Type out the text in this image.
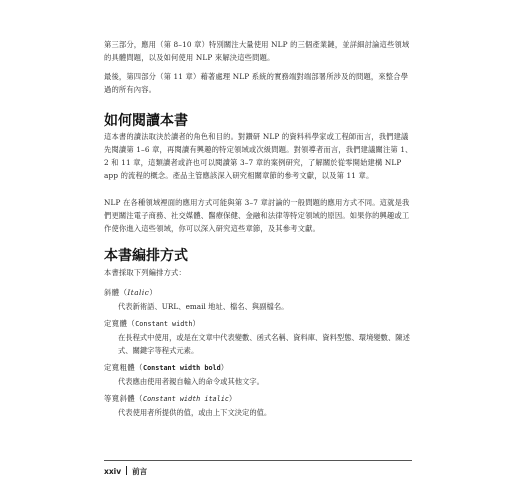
第三部分，應用（第 8–10 章）特別關注大量使用 NLP 的三個產業鏈，並詳細討論這些領域的具體問題，以及如何使用 NLP 來解決這些問題。

最後，第四部分（第 11 章）藉著處理 NLP 系統的實務端對端部署所涉及的問題，來整合學過的所有內容。

如何閱讀本書

這本書的讀法取決於讀者的角色和目的。對鑽研 NLP 的資料科學家或工程師而言，我們建議先閱讀第 1–6 章，再閱讀有興趣的特定領域或次級問題。對領導者而言，我們建議關注第 1、2 和 11 章，這類讀者或許也可以閱讀第 3–7 章的案例研究，了解關於從零開始建構 NLP app 的流程的概念。產品主管應該深入研究相關章節的參考文獻，以及第 11 章。

NLP 在各種領域裡面的應用方式可能與第 3–7 章討論的一般問題的應用方式不同。這就是我們更關注電子商務、社交媒體、醫療保健、金融和法律等特定領域的原因。如果你的興趣或工作使你進入這些領域，你可以深入研究這些章節，及其參考文獻。

本書編排方式

本書採取下列編排方式：

斜體（Italic）

代表新術語、URL、email 地址、檔名、與副檔名。

定寬體（Constant width）

在長程式中使用，或是在文章中代表變數、函式名稱、資料庫、資料型態、環境變數、陳述式、關鍵字等程式元素。

定寬粗體（Constant width bold）

代表應由使用者親自輸入的命令或其他文字。

等寬斜體（Constant width italic）

代表使用者所提供的值，或由上下文決定的值。

xxiv 前言
